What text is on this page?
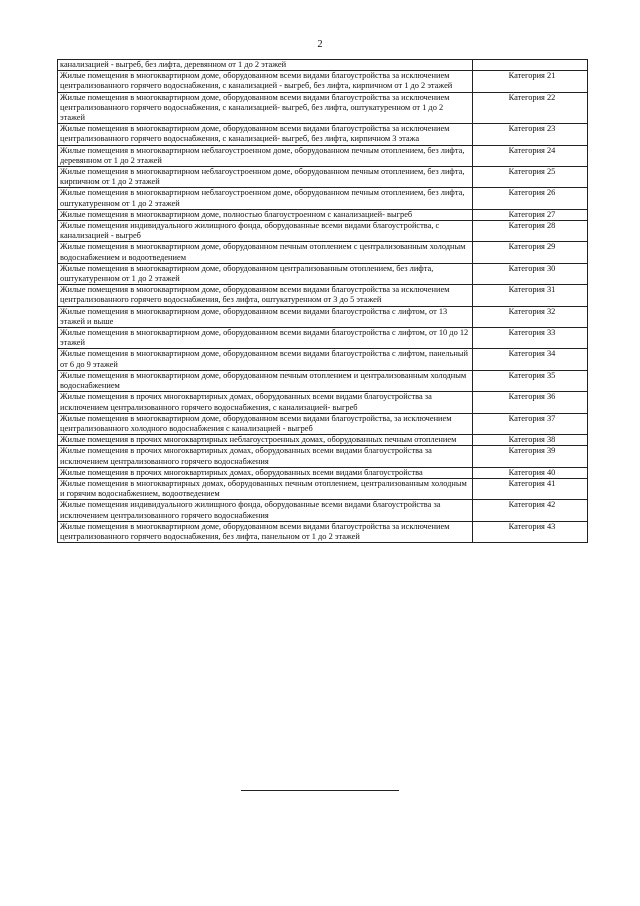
2
канализацией - выгреб, без лифта, деревянном от 1 до 2 этажей	
Жилые помещения в многоквартирном доме, оборудованном всеми видами благоустройства за исключением централизованного горячего водоснабжения, с канализацией - выгреб, без лифта, кирпичном от 1 до 2 этажей	Категория 21
Жилые помещения в многоквартирном доме, оборудованном всеми видами благоустройства за исключением централизованного горячего водоснабжения, с канализацией- выгреб, без лифта, оштукатуренном от 1 до 2 этажей	Категория 22
Жилые помещения в многоквартирном доме, оборудованном всеми видами благоустройства за исключением централизованного горячего водоснабжения, с канализацией- выгреб, без лифта, кирпичном 3 этажа	Категория 23
Жилые помещения в многоквартирном неблагоустроенном доме, оборудованном печным отоплением, без лифта, деревянном от 1 до 2 этажей	Категория 24
Жилые помещения в многоквартирном неблагоустроенном доме, оборудованном печным отоплением, без лифта, кирпичном от 1 до 2 этажей	Категория 25
Жилые помещения в многоквартирном неблагоустроенном доме, оборудованном печным отоплением, без лифта, оштукатуренном от 1 до 2 этажей	Категория 26
Жилые помещения в многоквартирном доме, полностью благоустроенном с канализацией- выгреб	Категория 27
Жилые помещения индивидуального жилищного фонда, оборудованные всеми видами благоустройства, с канализацией - выгреб	Категория 28
Жилые помещения в многоквартирном доме, оборудованном печным отоплением с централизованным холодным водоснабжением и водоотведением	Категория 29
Жилые помещения в многоквартирном доме, оборудованном централизованным отоплением, без лифта, оштукатуренном от 1 до 2 этажей	Категория 30
Жилые помещения в многоквартирном доме, оборудованном всеми видами благоустройства за исключением централизованного горячего водоснабжения, без лифта, оштукатуренном от 3 до 5 этажей	Категория 31
Жилые помещения в многоквартирном доме, оборудованном всеми видами благоустройства с лифтом, от 13 этажей и выше	Категория 32
Жилые помещения в многоквартирном доме, оборудованном всеми видами благоустройства с лифтом, от 10 до 12 этажей	Категория 33
Жилые помещения в многоквартирном доме, оборудованном всеми видами благоустройства с лифтом, панельный от 6 до 9 этажей	Категория 34
Жилые помещения в многоквартирном доме, оборудованном печным отоплением и централизованным холодным водоснабжением	Категория 35
Жилые помещения в прочих многоквартирных домах, оборудованных всеми видами благоустройства за исключением централизованного горячего водоснабжения, с канализацией- выгреб	Категория 36
Жилые помещения в многоквартирном доме, оборудованном всеми видами благоустройства, за исключением централизованного холодного водоснабжения с канализацией - выгреб	Категория 37
Жилые помещения в прочих многоквартирных неблагоустроенных домах, оборудованных печным отоплением	Категория 38
Жилые помещения в прочих многоквартирных домах, оборудованных всеми видами благоустройства за исключением централизованного горячего водоснабжения	Категория 39
Жилые помещения в прочих многоквартирных домах, оборудованных всеми видами благоустройства	Категория 40
Жилые помещения в многоквартирных домах, оборудованных печным отоплением, централизованным холодным и горячим водоснабжением, водоотведением	Категория 41
Жилые помещения индивидуального жилищного фонда, оборудованные всеми видами благоустройства за исключением централизованного горячего водоснабжения	Категория 42
Жилые помещения в многоквартирном доме, оборудованном всеми видами благоустройства за исключением централизованного горячего водоснабжения, без лифта, панельном от 1 до 2 этажей	Категория 43
